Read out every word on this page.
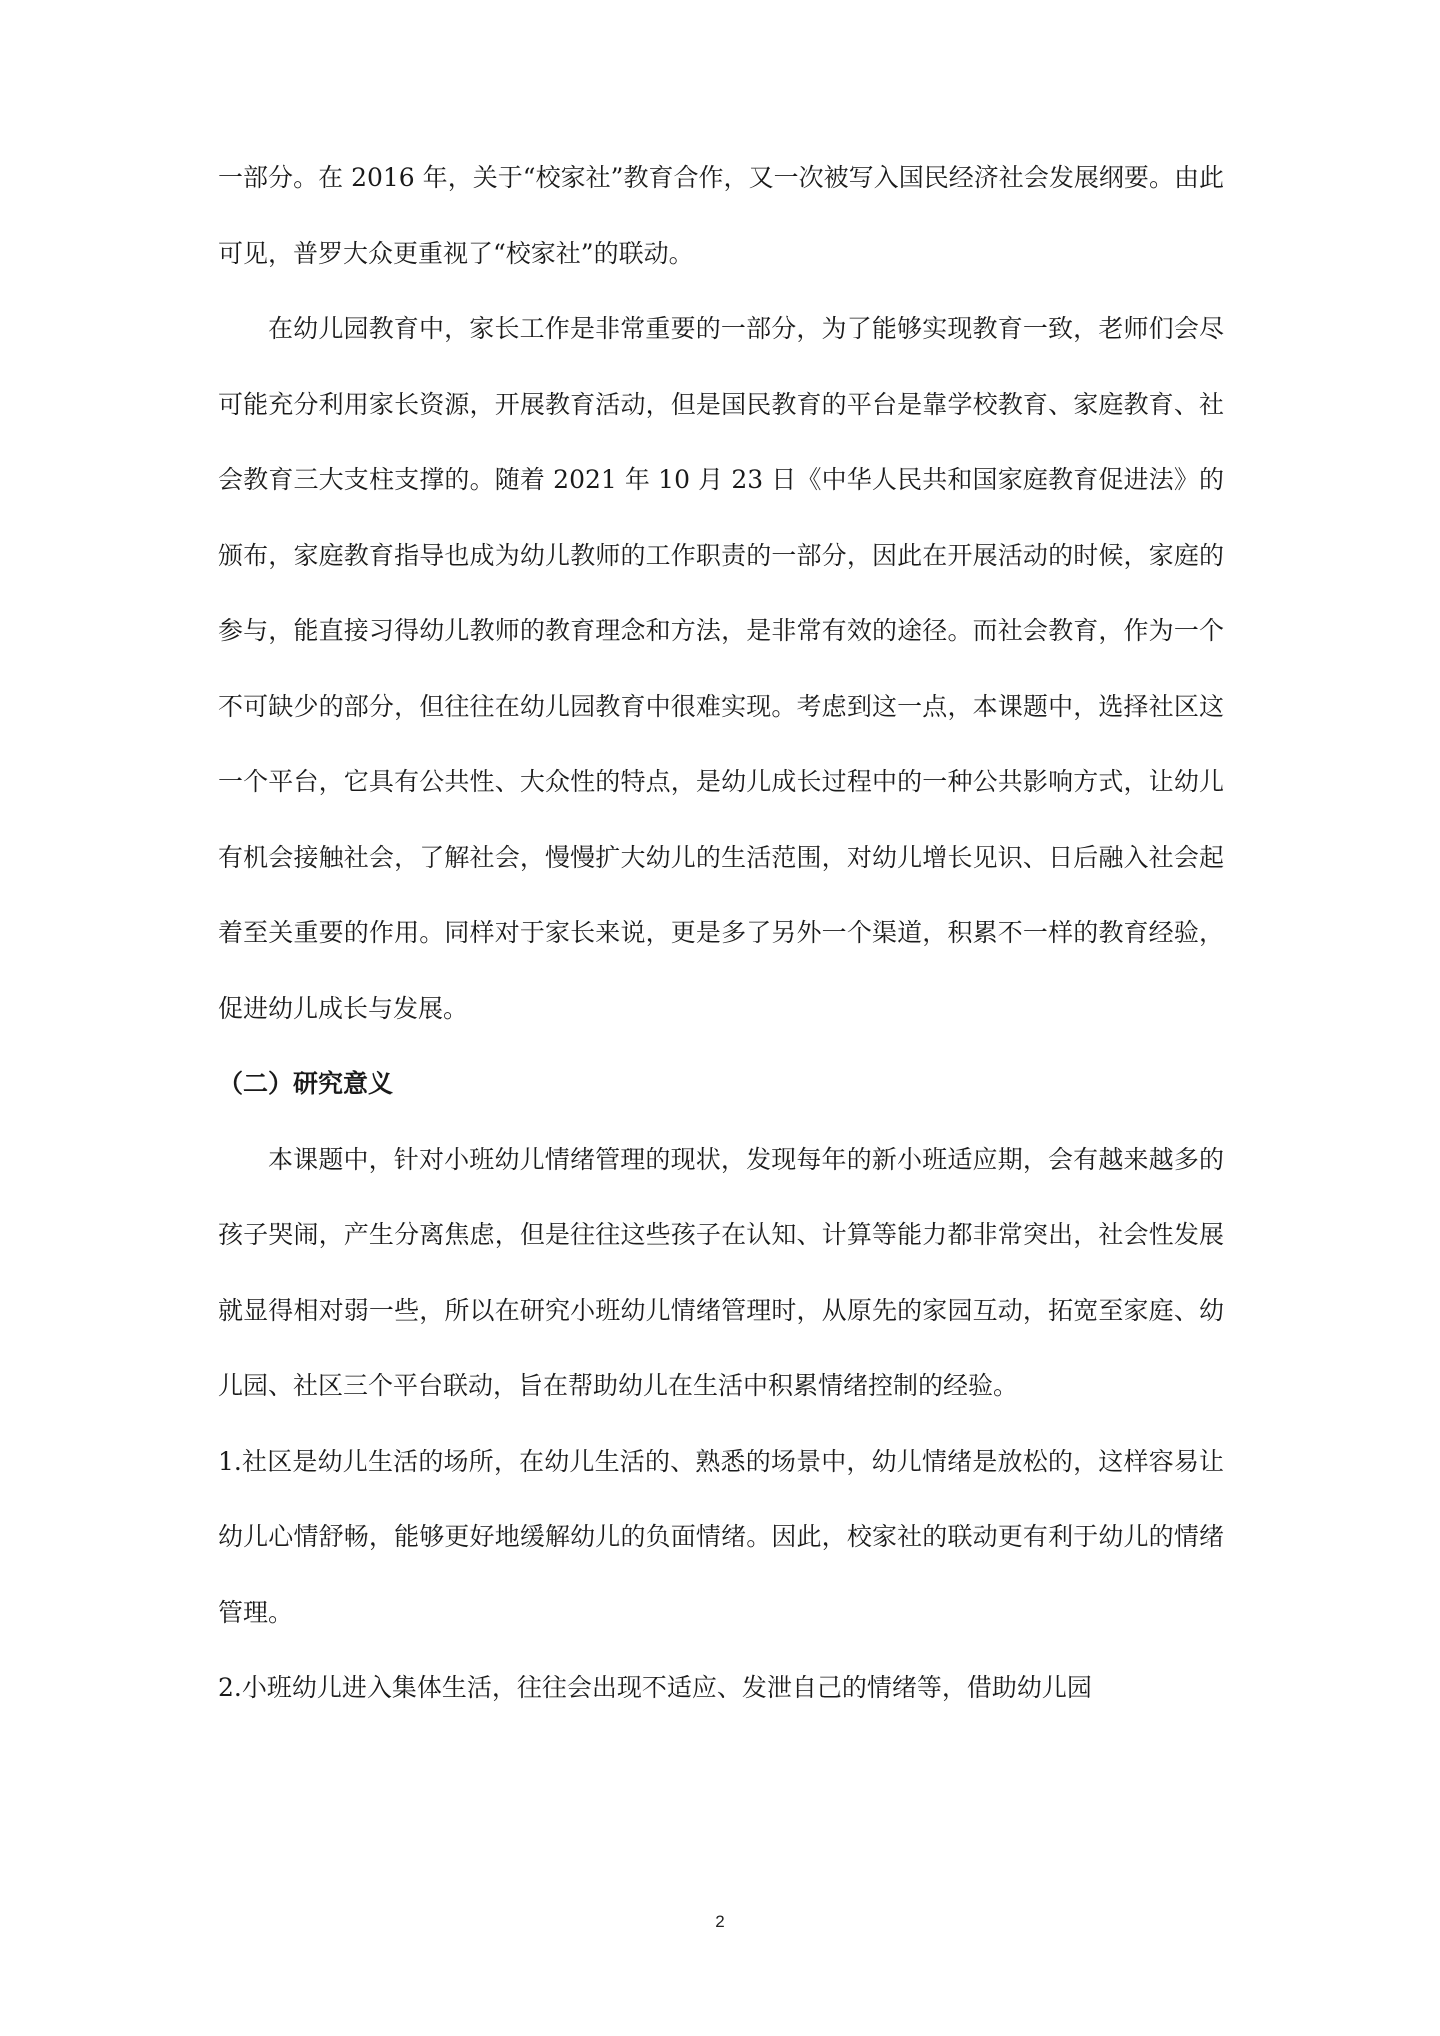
一部分。在 2016 年，关于“校家社”教育合作，又一次被写入国民经济社会发展纲要。由此可见，普罗大众更重视了“校家社”的联动。

在幼儿园教育中，家长工作是非常重要的一部分，为了能够实现教育一致，老师们会尽可能充分利用家长资源，开展教育活动，但是国民教育的平台是靠学校教育、家庭教育、社会教育三大支柱支撑的。随着 2021 年 10 月 23 日《中华人民共和国家庭教育促进法》的颁布，家庭教育指导也成为幼儿教师的工作职责的一部分，因此在开展活动的时候，家庭的参与，能直接习得幼儿教师的教育理念和方法，是非常有效的途径。而社会教育，作为一个不可缺少的部分，但往往在幼儿园教育中很难实现。考虑到这一点，本课题中，选择社区这一个平台，它具有公共性、大众性的特点，是幼儿成长过程中的一种公共影响方式，让幼儿有机会接触社会，了解社会，慢慢扩大幼儿的生活范围，对幼儿增长见识、日后融入社会起着至关重要的作用。同样对于家长来说，更是多了另外一个渠道，积累不一样的教育经验，促进幼儿成长与发展。

（二）研究意义

本课题中，针对小班幼儿情绪管理的现状，发现每年的新小班适应期，会有越来越多的孩子哭闹，产生分离焦虑，但是往往这些孩子在认知、计算等能力都非常突出，社会性发展就显得相对弱一些，所以在研究小班幼儿情绪管理时，从原先的家园互动，拓宽至家庭、幼儿园、社区三个平台联动，旨在帮助幼儿在生活中积累情绪控制的经验。

1.社区是幼儿生活的场所，在幼儿生活的、熟悉的场景中，幼儿情绪是放松的，这样容易让幼儿心情舒畅，能够更好地缓解幼儿的负面情绪。因此，校家社的联动更有利于幼儿的情绪管理。

2.小班幼儿进入集体生活，往往会出现不适应、发泄自己的情绪等，借助幼儿园

2
